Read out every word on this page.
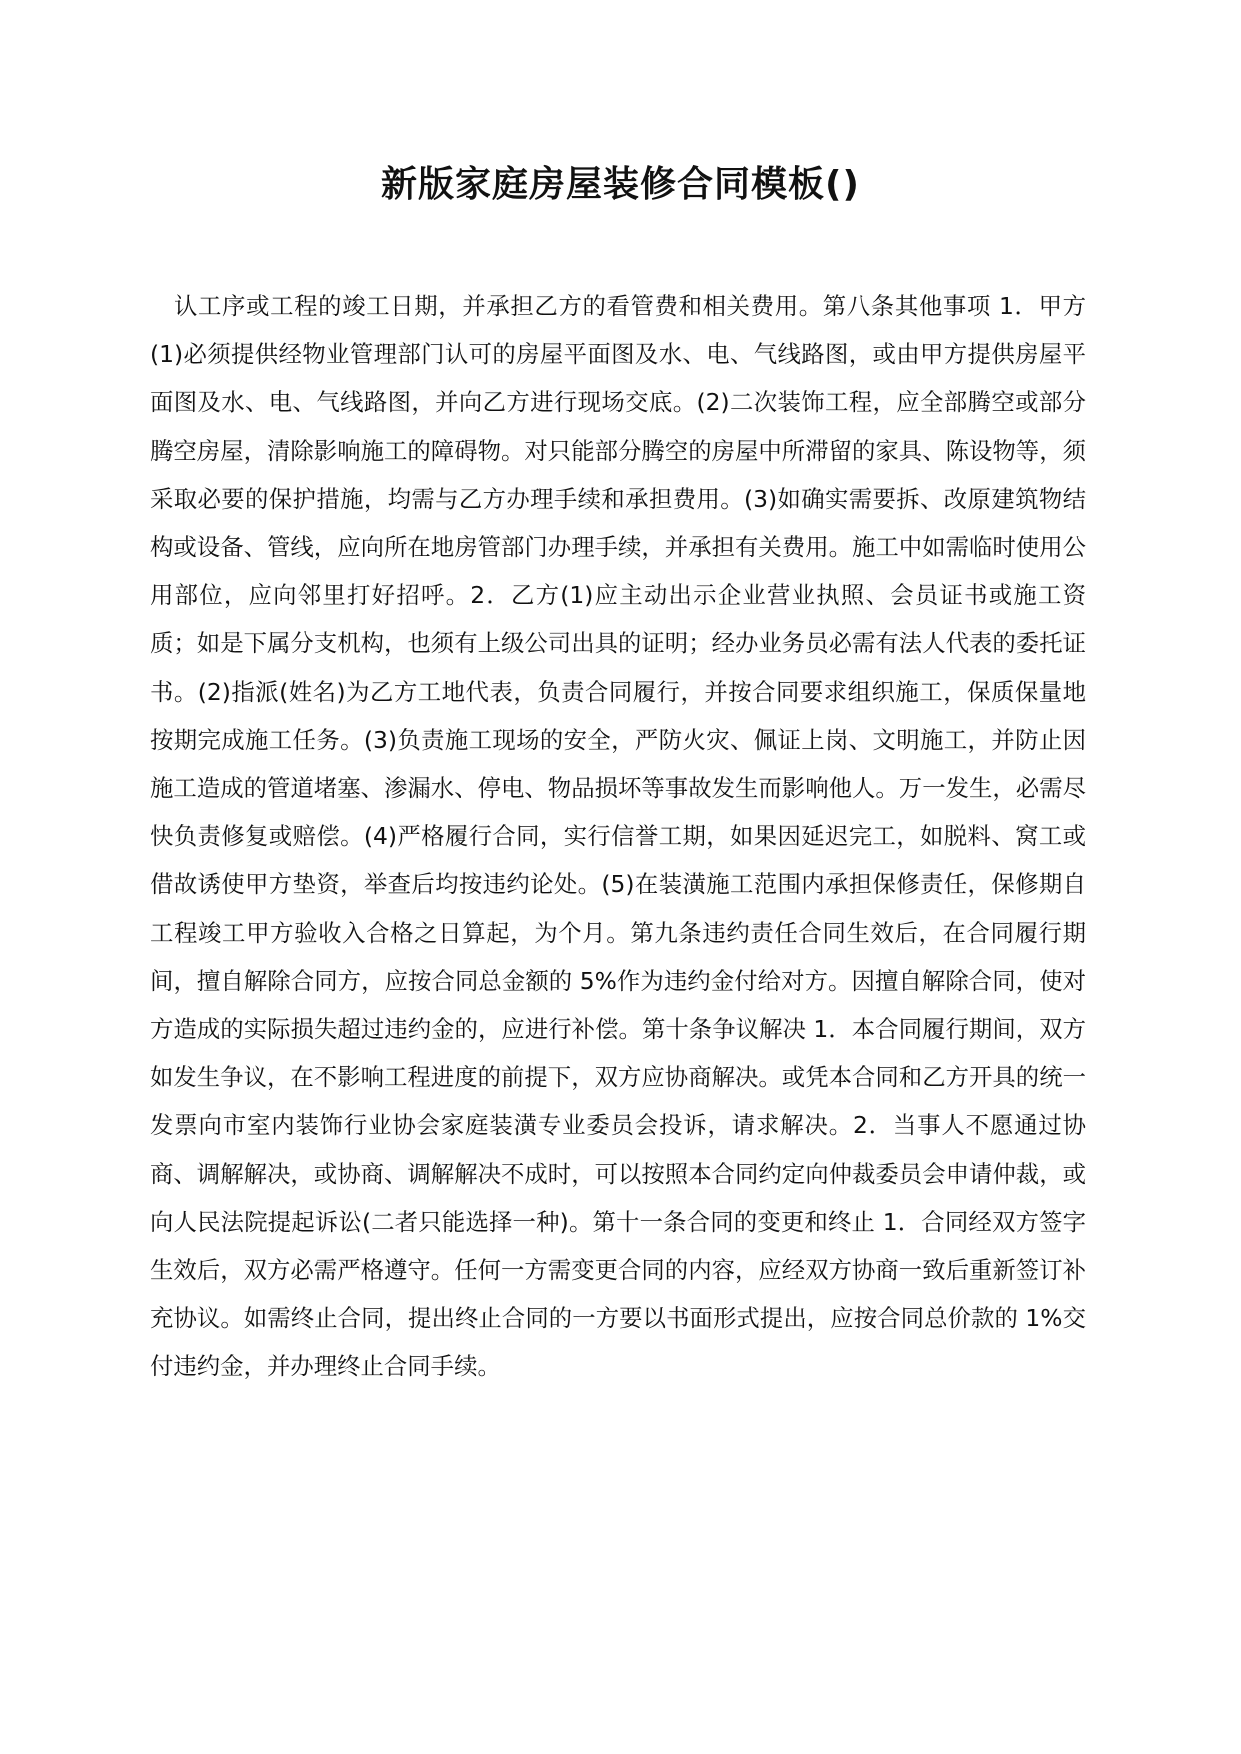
新版家庭房屋装修合同模板()

认工序或工程的竣工日期，并承担乙方的看管费和相关费用。第八条其他事项 1．甲方(1)必须提供经物业管理部门认可的房屋平面图及水、电、气线路图，或由甲方提供房屋平面图及水、电、气线路图，并向乙方进行现场交底。(2)二次装饰工程，应全部腾空或部分腾空房屋，清除影响施工的障碍物。对只能部分腾空的房屋中所滞留的家具、陈设物等，须采取必要的保护措施，均需与乙方办理手续和承担费用。(3)如确实需要拆、改原建筑物结构或设备、管线，应向所在地房管部门办理手续，并承担有关费用。施工中如需临时使用公用部位，应向邻里打好招呼。2．乙方(1)应主动出示企业营业执照、会员证书或施工资质；如是下属分支机构，也须有上级公司出具的证明；经办业务员必需有法人代表的委托证书。(2)指派(姓名)为乙方工地代表，负责合同履行，并按合同要求组织施工，保质保量地按期完成施工任务。(3)负责施工现场的安全，严防火灾、佩证上岗、文明施工，并防止因施工造成的管道堵塞、渗漏水、停电、物品损坏等事故发生而影响他人。万一发生，必需尽快负责修复或赔偿。(4)严格履行合同，实行信誉工期，如果因延迟完工，如脱料、窝工或借故诱使甲方垫资，举查后均按违约论处。(5)在装潢施工范围内承担保修责任，保修期自工程竣工甲方验收入合格之日算起，为个月。第九条违约责任合同生效后，在合同履行期间，擅自解除合同方，应按合同总金额的 5%作为违约金付给对方。因擅自解除合同，使对方造成的实际损失超过违约金的，应进行补偿。第十条争议解决 1．本合同履行期间，双方如发生争议，在不影响工程进度的前提下，双方应协商解决。或凭本合同和乙方开具的统一发票向市室内装饰行业协会家庭装潢专业委员会投诉，请求解决。2．当事人不愿通过协商、调解解决，或协商、调解解决不成时，可以按照本合同约定向仲裁委员会申请仲裁，或向人民法院提起诉讼(二者只能选择一种)。第十一条合同的变更和终止 1．合同经双方签字生效后，双方必需严格遵守。任何一方需变更合同的内容，应经双方协商一致后重新签订补充协议。如需终止合同，提出终止合同的一方要以书面形式提出，应按合同总价款的 1%交付违约金，并办理终止合同手续。
